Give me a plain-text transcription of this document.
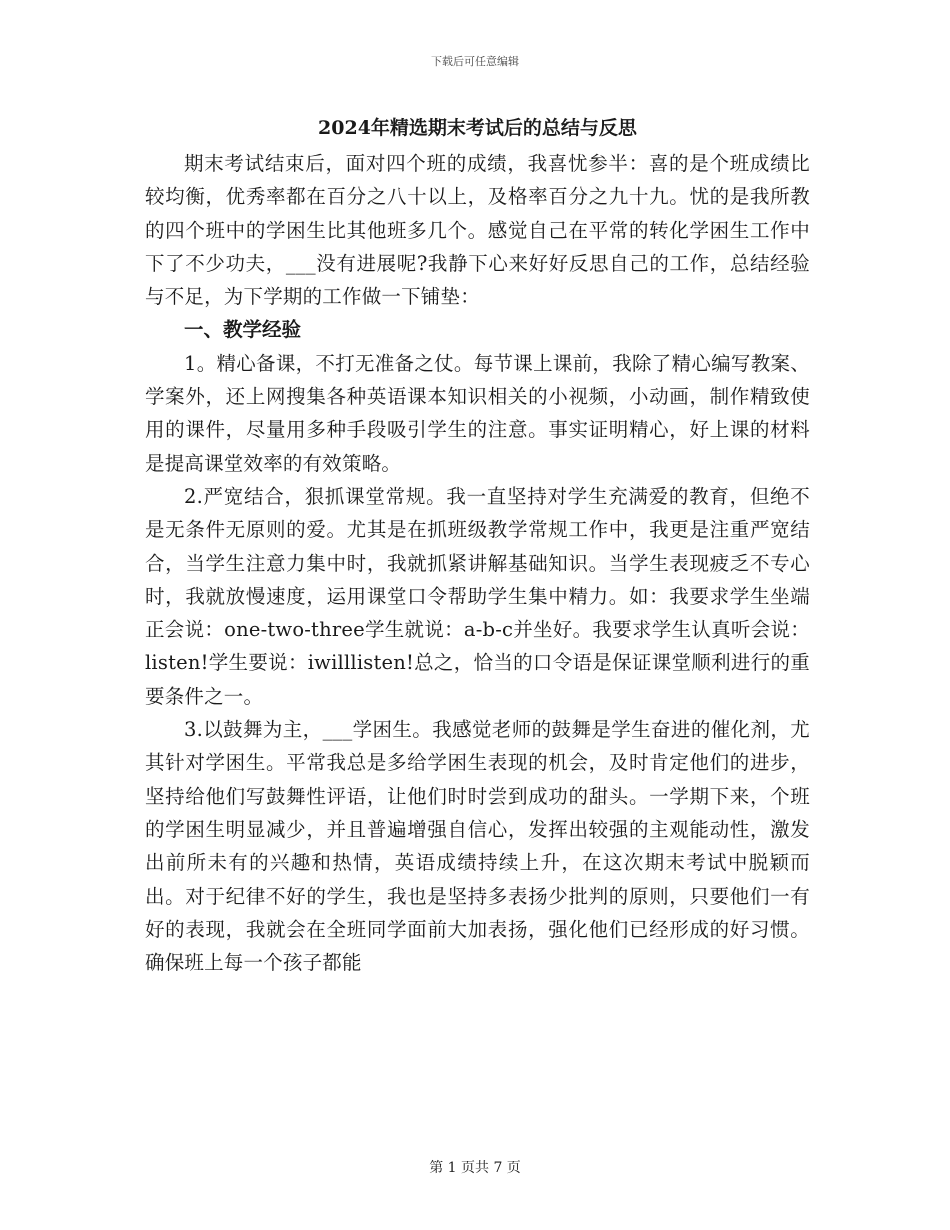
下载后可任意编辑
2024年精选期末考试后的总结与反思

期末考试结束后，面对四个班的成绩，我喜忧参半：喜的是个班成绩比较均衡，优秀率都在百分之八十以上，及格率百分之九十九。忧的是我所教的四个班中的学困生比其他班多几个。感觉自己在平常的转化学困生工作中下了不少功夫，___没有进展呢?我静下心来好好反思自己的工作，总结经验与不足，为下学期的工作做一下铺垫：

一、教学经验

1。精心备课，不打无准备之仗。每节课上课前，我除了精心编写教案、学案外，还上网搜集各种英语课本知识相关的小视频，小动画，制作精致使用的课件，尽量用多种手段吸引学生的注意。事实证明精心，好上课的材料是提高课堂效率的有效策略。

2.严宽结合，狠抓课堂常规。我一直坚持对学生充满爱的教育，但绝不是无条件无原则的爱。尤其是在抓班级教学常规工作中，我更是注重严宽结合，当学生注意力集中时，我就抓紧讲解基础知识。当学生表现疲乏不专心时，我就放慢速度，运用课堂口令帮助学生集中精力。如：我要求学生坐端正会说：one-two-three学生就说：a-b-c并坐好。我要求学生认真听会说：listen!学生要说：iwilllisten!总之，恰当的口令语是保证课堂顺利进行的重要条件之一。

3.以鼓舞为主，___学困生。我感觉老师的鼓舞是学生奋进的催化剂，尤其针对学困生。平常我总是多给学困生表现的机会，及时肯定他们的进步，坚持给他们写鼓舞性评语，让他们时时尝到成功的甜头。一学期下来，个班的学困生明显减少，并且普遍增强自信心，发挥出较强的主观能动性，激发出前所未有的兴趣和热情，英语成绩持续上升，在这次期末考试中脱颖而出。对于纪律不好的学生，我也是坚持多表扬少批判的原则，只要他们一有好的表现，我就会在全班同学面前大加表扬，强化他们已经形成的好习惯。确保班上每一个孩子都能

第 1 页共 7 页
